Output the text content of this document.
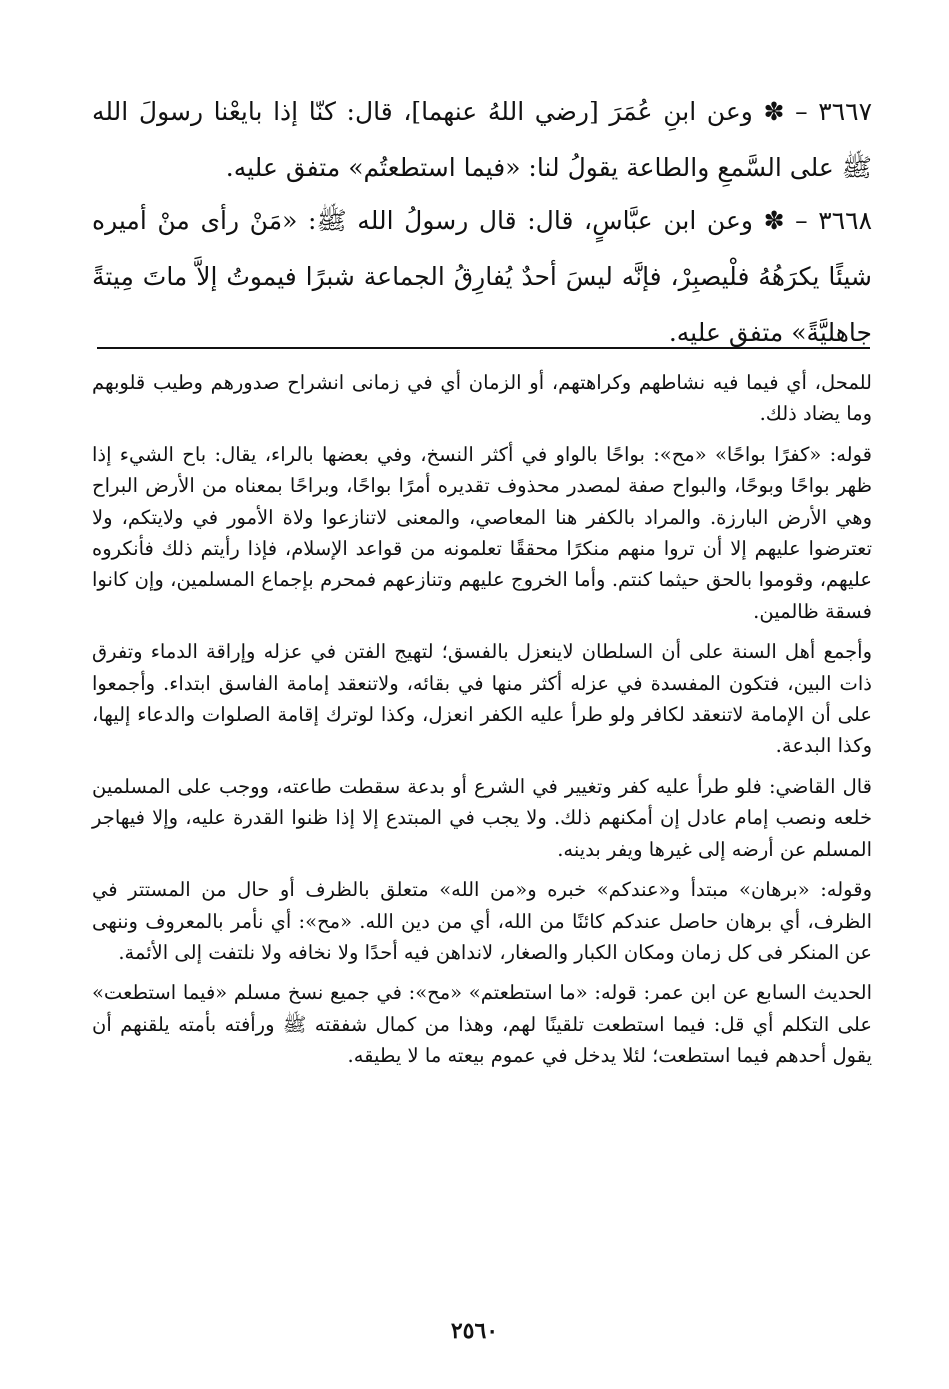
٣٦٦٧ – ✽ وعن ابنِ عُمَرَ [رضي اللهُ عنهما]، قال: كنّا إذا بايعْنا رسولَ الله ﷺ على السَّمعِ والطاعة يقولُ لنا: «فيما استطعتُم» متفق عليه.
٣٦٦٨ – ✽ وعن ابن عبَّاسٍ، قال: قال رسولُ الله ﷺ: «مَنْ رأى منْ أميره شيئًا يكرَهُهُ فلْيصبِرْ، فإنَّه ليسَ أحدٌ يُفارِقُ الجماعة شبرًا فيموتُ إلاَّ ماتَ مِيتةً جاهليَّةً» متفق عليه.

للمحل، أي فيما فيه نشاطهم وكراهتهم، أو الزمان أي في زمانى انشراح صدورهم وطيب قلوبهم وما يضاد ذلك.

قوله: «كفرًا بواحًا» «مح»: بواحًا بالواو في أكثر النسخ، وفي بعضها بالراء، يقال: باح الشيء إذا ظهر بواحًا وبوحًا، والبواح صفة لمصدر محذوف تقديره أمرًا بواحًا، وبراحًا بمعناه من الأرض البراح وهي الأرض البارزة. والمراد بالكفر هنا المعاصي، والمعنى لاتنازعوا ولاة الأمور في ولايتكم، ولا تعترضوا عليهم إلا أن تروا منهم منكرًا محققًا تعلمونه من قواعد الإسلام، فإذا رأيتم ذلك فأنكروه عليهم، وقوموا بالحق حيثما كنتم. وأما الخروج عليهم وتنازعهم فمحرم بإجماع المسلمين، وإن كانوا فسقة ظالمين.

وأجمع أهل السنة على أن السلطان لاينعزل بالفسق؛ لتهيج الفتن في عزله وإراقة الدماء وتفرق ذات البين، فتكون المفسدة في عزله أكثر منها في بقائه، ولاتنعقد إمامة الفاسق ابتداء. وأجمعوا على أن الإمامة لاتنعقد لكافر ولو طرأ عليه الكفر انعزل، وكذا لوترك إقامة الصلوات والدعاء إليها، وكذا البدعة.

قال القاضي: فلو طرأ عليه كفر وتغيير في الشرع أو بدعة سقطت طاعته، ووجب على المسلمين خلعه ونصب إمام عادل إن أمكنهم ذلك. ولا يجب في المبتدع إلا إذا ظنوا القدرة عليه، وإلا فيهاجر المسلم عن أرضه إلى غيرها ويفر بدينه.

وقوله: «برهان» مبتدأ و«عندكم» خبره و«من الله» متعلق بالظرف أو حال من المستتر في الظرف، أي برهان حاصل عندكم كائنًا من الله، أي من دين الله. «مح»: أي نأمر بالمعروف وننهى عن المنكر فى كل زمان ومكان الكبار والصغار، لانداهن فيه أحدًا ولا نخافه ولا نلتفت إلى الأئمة.

الحديث السابع عن ابن عمر: قوله: «ما استطعتم» «مح»: في جميع نسخ مسلم «فيما استطعت» على التكلم أي قل: فيما استطعت تلقينًا لهم، وهذا من كمال شفقته ﷺ ورأفته بأمته يلقنهم أن يقول أحدهم فيما استطعت؛ لئلا يدخل في عموم بيعته ما لا يطيقه.

٢٥٦٠
